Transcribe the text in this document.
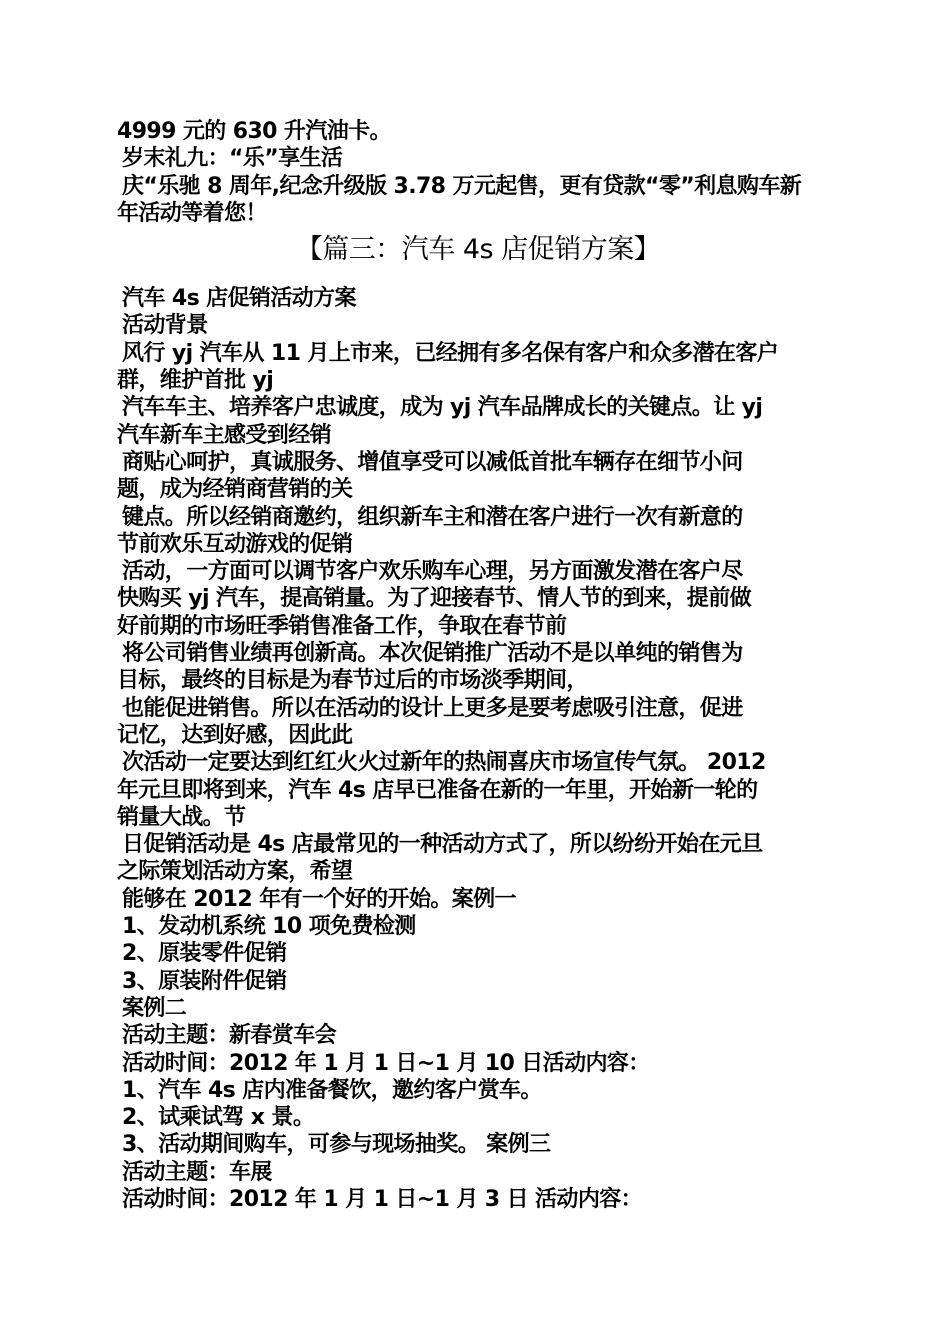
4999 元的 630 升汽油卡。
岁末礼九：“乐”享生活
庆“乐驰 8 周年,纪念升级版 3.78 万元起售，更有贷款“零”利息购车新
年活动等着您！
【篇三：汽车 4s 店促销方案】
汽车 4s 店促销活动方案
活动背景
风行 yj 汽车从 11 月上市来，已经拥有多名保有客户和众多潜在客户
群，维护首批 yj
汽车车主、培养客户忠诚度，成为 yj 汽车品牌成长的关键点。让 yj
汽车新车主感受到经销
商贴心呵护，真诚服务、增值享受可以减低首批车辆存在细节小问
题，成为经销商营销的关
键点。所以经销商邀约，组织新车主和潜在客户进行一次有新意的
节前欢乐互动游戏的促销
活动，一方面可以调节客户欢乐购车心理，另方面激发潜在客户尽
快购买 yj 汽车，提高销量。为了迎接春节、情人节的到来，提前做
好前期的市场旺季销售准备工作，争取在春节前
将公司销售业绩再创新高。本次促销推广活动不是以单纯的销售为
目标，最终的目标是为春节过后的市场淡季期间，
也能促进销售。所以在活动的设计上更多是要考虑吸引注意，促进
记忆，达到好感，因此此
次活动一定要达到红红火火过新年的热闹喜庆市场宣传气氛。 2012
年元旦即将到来，汽车 4s 店早已准备在新的一年里，开始新一轮的
销量大战。节
日促销活动是 4s 店最常见的一种活动方式了，所以纷纷开始在元旦
之际策划活动方案，希望
能够在 2012 年有一个好的开始。案例一
1、发动机系统 10 项免费检测
2、原装零件促销
3、原装附件促销
案例二
活动主题：新春赏车会
活动时间：2012 年 1 月 1 日~1 月 10 日活动内容：
1、汽车 4s 店内准备餐饮，邀约客户赏车。
2、试乘试驾 x 景。
3、活动期间购车，可参与现场抽奖。 案例三
活动主题：车展
活动时间：2012 年 1 月 1 日~1 月 3 日 活动内容：
